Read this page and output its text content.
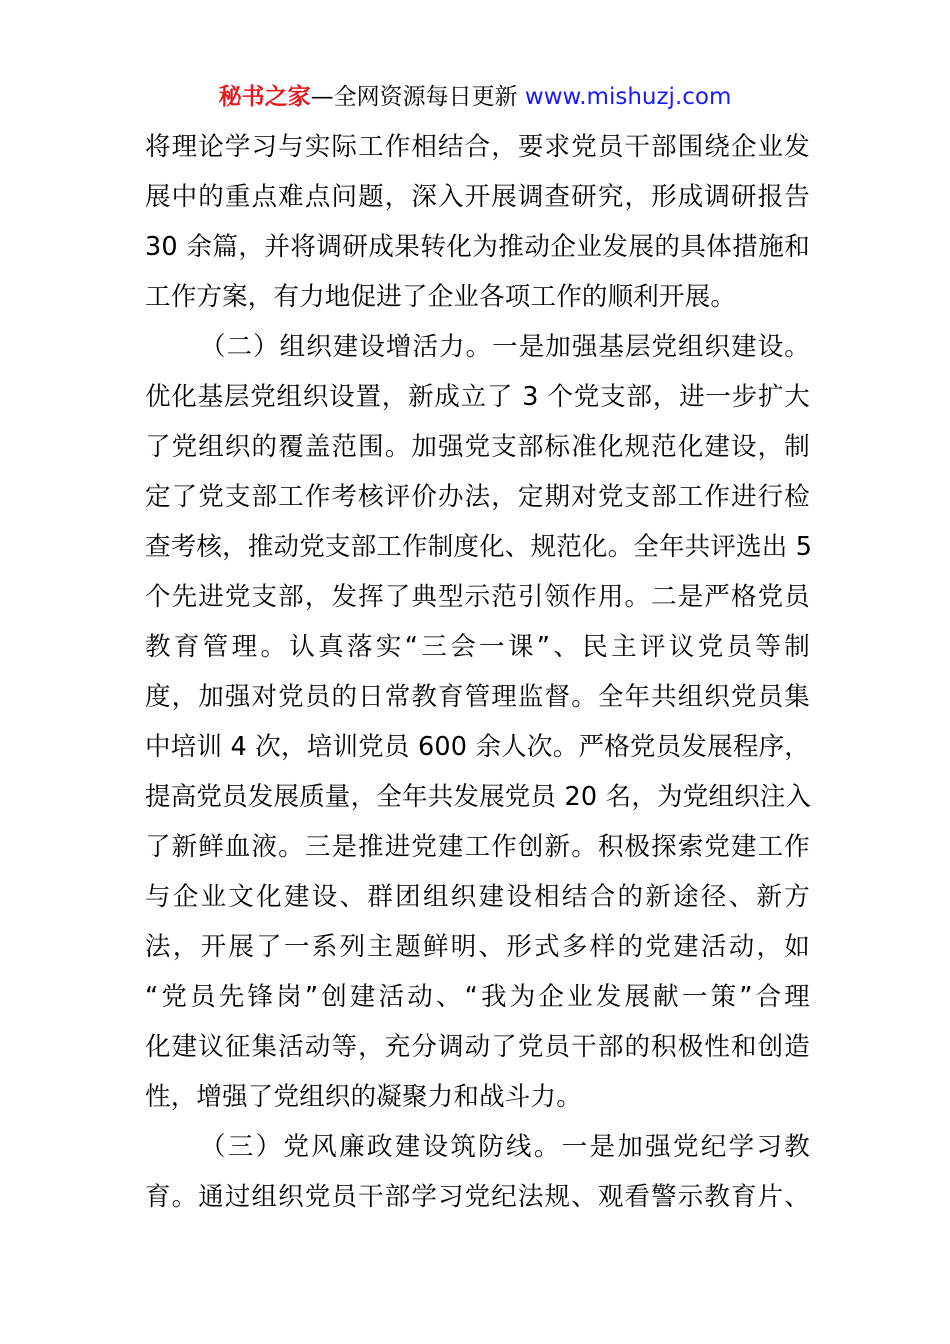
秘书之家—全网资源每日更新 www.mishuzj.com
将理论学习与实际工作相结合，要求党员干部围绕企业发
展中的重点难点问题，深入开展调查研究，形成调研报告
30 余篇，并将调研成果转化为推动企业发展的具体措施和
工作方案，有力地促进了企业各项工作的顺利开展。
（二）组织建设增活力。一是加强基层党组织建设。
优化基层党组织设置，新成立了 3 个党支部，进一步扩大
了党组织的覆盖范围。加强党支部标准化规范化建设，制
定了党支部工作考核评价办法，定期对党支部工作进行检
查考核，推动党支部工作制度化、规范化。全年共评选出 5
个先进党支部，发挥了典型示范引领作用。二是严格党员
教育管理。认真落实“三会一课”、民主评议党员等制
度，加强对党员的日常教育管理监督。全年共组织党员集
中培训 4 次，培训党员 600 余人次。严格党员发展程序，
提高党员发展质量，全年共发展党员 20 名，为党组织注入
了新鲜血液。三是推进党建工作创新。积极探索党建工作
与企业文化建设、群团组织建设相结合的新途径、新方
法，开展了一系列主题鲜明、形式多样的党建活动，如
“党员先锋岗”创建活动、“我为企业发展献一策”合理
化建议征集活动等，充分调动了党员干部的积极性和创造
性，增强了党组织的凝聚力和战斗力。
（三）党风廉政建设筑防线。一是加强党纪学习教
育。通过组织党员干部学习党纪法规、观看警示教育片、
